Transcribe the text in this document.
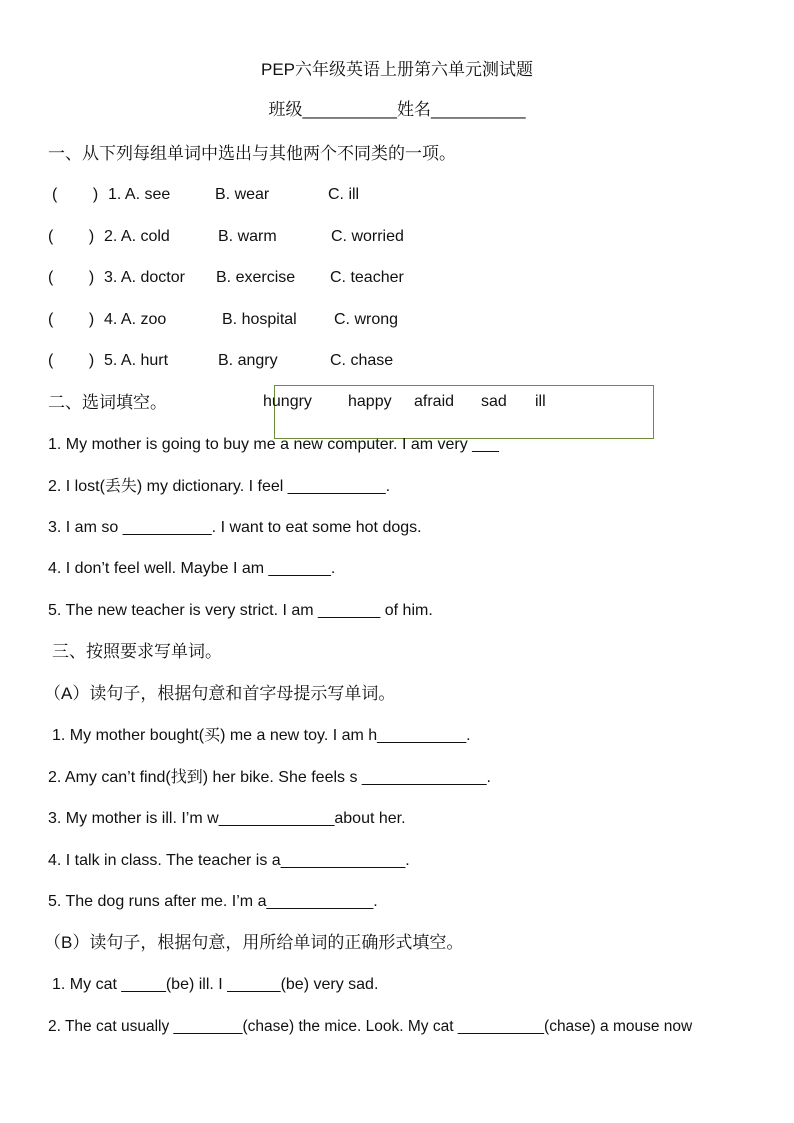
PEP六年级英语上册第六单元测试题
班级__________姓名__________
一、从下列每组单词中选出与其他两个不同类的一项。
(        ) 1. A. see	B. wear	C. ill
(        ) 2. A. cold	B. warm	C. worried
(        ) 3. A. doctor B. exercise C. teacher
(        ) 4. A. zoo	B. hospital C. wrong
(        ) 5. A. hurt	B. angry	C. chase
二、选词填空。	hungry happy afraid sad ill
1. My mother is going to buy me a new computer. I am very ___
2. I lost(丢失) my dictionary. I feel ___________.
3. I am so __________. I want to eat some hot dogs.
4. I don’t feel well. Maybe I am _______.
5. The new teacher is very strict. I am _______ of him.
三、按照要求写单词。
（A）读句子，根据句意和首字母提示写单词。
1. My mother bought(买) me a new toy. I am h__________.
2. Amy can’t find(找到) her bike. She feels s ______________.
3. My mother is ill. I’m w_____________about her.
4. I talk in class. The teacher is a______________.
5. The dog runs after me. I’m a____________.
（B）读句子，根据句意，用所给单词的正确形式填空。
1. My cat _____(be) ill. I ______(be) very sad.
2. The cat usually ________(chase) the mice. Look. My cat __________(chase) a mouse now
